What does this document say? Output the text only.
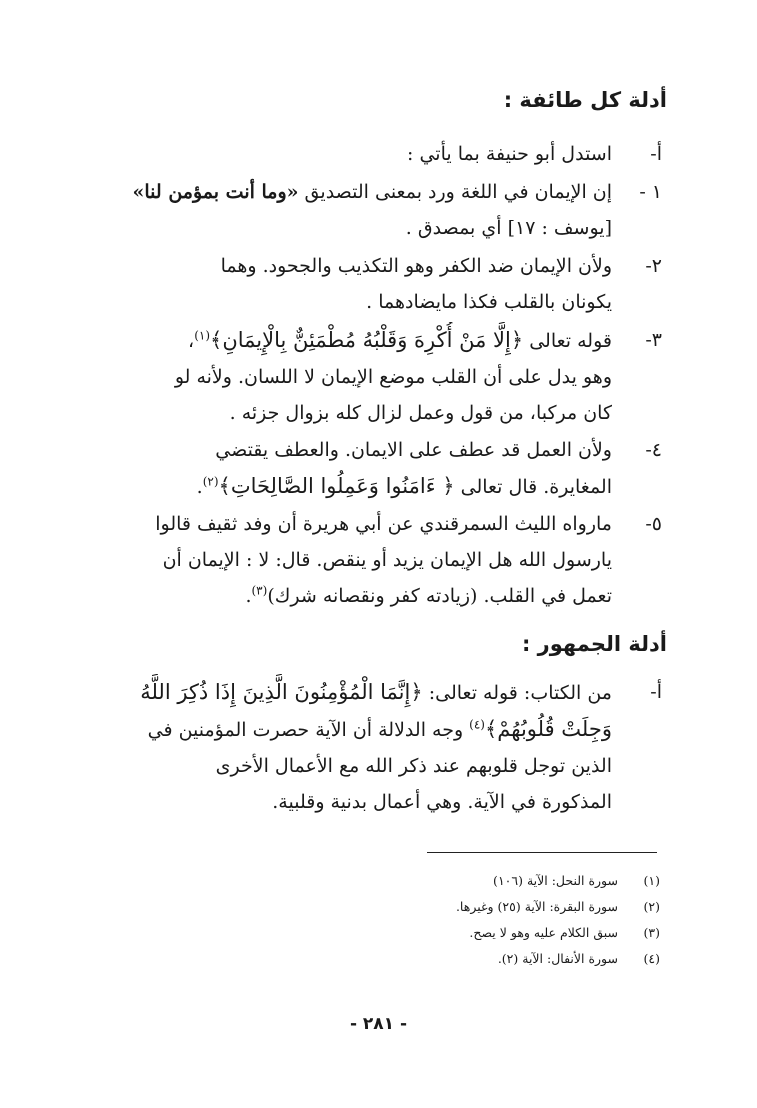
أدلة كل طائفة :
أ-
استدل أبو حنيفة بما يأتي :
١ -
إن الإيمان في اللغة ورد بمعنى التصديق «وما أنت بمؤمن لنا»
[يوسف : ١٧] أي بمصدق .
٢-
ولأن الإيمان ضد الكفر وهو التكذيب والجحود. وهما
يكونان بالقلب فكذا مايضادهما .
٣-
قوله تعالى ﴿إِلَّا مَنْ أُكْرِهَ وَقَلْبُهُ مُطْمَئِنٌّ بِالْإِيمَانِ﴾$^{(١)}$،
وهو يدل على أن القلب موضع الإيمان لا اللسان. ولأنه لو
كان مركبا، من قول وعمل لزال كله بزوال جزئه .
٤-
ولأن العمل قد عطف على الايمان. والعطف يقتضي
المغايرة. قال تعالى ﴿ ءَامَنُوا وَعَمِلُوا الصَّالِحَاتِ﴾$^{(٢)}$.
٥-
مارواه الليث السمرقندي عن أبي هريرة أن وفد ثقيف قالوا
يارسول الله هل الإيمان يزيد أو ينقص. قال: لا : الإيمان أن
تعمل في القلب. (زيادته كفر ونقصانه شرك)$^{(٣)}$.
أدلة الجمهور :
أ-
من الكتاب: قوله تعالى: ﴿إِنَّمَا الْمُؤْمِنُونَ الَّذِينَ إِذَا ذُكِرَ اللَّهُ
وَجِلَتْ قُلُوبُهُمْ﴾$^{(٤)}$ وجه الدلالة أن الآية حصرت المؤمنين في
الذين توجل قلوبهم عند ذكر الله مع الأعمال الأخرى
المذكورة في الآية. وهي أعمال بدنية وقلبية.
(١)
سورة النحل: الآية (١٠٦)
(٢)
سورة البقرة: الآية (٢٥) وغيرها.
(٣)
سبق الكلام عليه وهو لا يصح.
(٤)
سورة الأنفال: الآية (٢).
- ٢٨١ -
